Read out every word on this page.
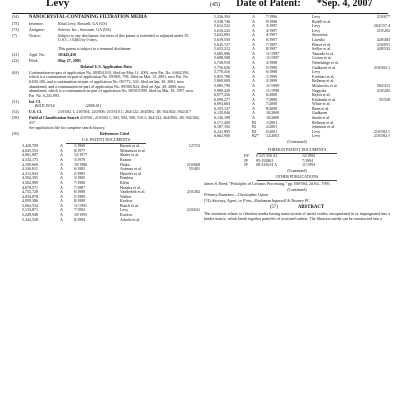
Levy	(45) Date of Patent: *Sep. 4, 2007
(54)	NANOCRYSTAL-CONTAINING FILTRATION MEDIA
(75)	Inventor:	Ehud Levy, Roswell, GA (US)
(73)	Assignee:	Selecto, Inc., Suwanee, GA (US)
(*)	Notice:	Subject to any disclaimer, the term of this patent is extended or adjusted under 35 U.S.C. 154(b) by 0 days.

This patent is subject to a terminal disclaimer.
(21)	Appl. No.:	10/445,410
(22)	Filed:	May 27, 2003
Related U.S. Application Data
(63)	Continuation-in-part of application No. 09/854,010, filed on May 11, 2001, now Pat. No. 6,662,956, which is a continuation-in-part of application No. 09/805, 758, filed on Mar. 13, 2001, now Pat. No. 6,630,106, and a continuation-in-part of application No. 09/772, 542, filed on Jan. 30, 2001, now abandoned, and a continuation-in-part of application No. 09/560,824, filed on Apr. 28, 2000, now abandoned, which is a continuation-in-part of application No. 08/819,999, filed on Mar. 18, 1997, now Pat. No. 6,241,893.
(51)	Int. Cl.
B01D 39/14	(2006.01)
(52)	U.S. Cl.	210/502.1; 210/504; 210/506; 210/510.1; 264/122; 264/DIG. 48; 502/402; 502/417
(58)	Field of Classification Search 210/501, 210/502.1, 503, 504, 506, 510.1; 264/122, 264/DIG. 48; 502/402, 417
See application file for complete search history.
(56)	References Cited
U.S. PATENT DOCUMENTS
3,420,709	A	1/1969	Barrett et al.	127/53
4,045,553	A	8/1977	Mitsumori et al.
4,061,807	A	12/1977	Shaler et al.
4,144,173	A	3/1979	Krause
4,109,669	A	10/1980	Hajko	210/668
4,336,811	A	6/1982	Aomaru et al.	55/401
4,313,833	A	2/1985	Hertzler et al.
4,504,395	A	3/1985	Pomboa
4,562,989	A	7/1986	Klein
4,678,571	A	7/1987	Hosaka et al.
4,753,728	A	6/1988	Vanderbilt et al.	210/282
4,834,878	A	5/1989	Walker
4,859,386	A	8/1989	Koslow
5,064,534	A	11/1991	Busch et al.
5,133,871	A	7/1992	Levy	210/631
5,249,948	A	10/1993	Koslow
5,342,528	A	8/1994	Adachi et al.
5,536,394	A	7/1996	Levy	210/677
5,538,746	A	9/1996	Rydell et al.
5,612,522	A	3/1997	Levy	204/157.4
5,616,243	A	4/1997	Levy	210/202
5,622,892	A	4/1997	Sinyerton
5,639,550	A	6/1997	Lisenko	428/404
5,645,727	A	7/1997	Bhave et al.	210/651
5,653,212	A	8/1997	Sellier et al.	428/532
5,685,986	A	11/1997	Yamada et al.
5,688,588	A	11/1997	Cotton et al.
5,730,918	A	3/1998	Nebelsbige et al.
5,750,026	A	5/1998	Gadkaree et al.	210/502.1
5,770,416	A	6/1998	Levy
5,855,788	A	1/1999	Everhart et al.
5,869,009	A	2/1999	Bellamy et al.
5,985,790	A	11/1999	Moskovits et al.	502/415
5,989,420	A	11/1999	Nagaoka	210/282
6,077,436	A	6/2000	Rajoli et al.
6,090,277	A	7/2000	Kitahashi et al.	55/528
6,093,664	A	7/2000	White et al.
6,103,127	A	8/2000	Benn et al.
6,129,846	A	10/2000	Gadkaree
6,136,189	A	10/2000	Smith et al.
6,171,400	B1	1/2001	Bellamy et al.
6,187,192	B1	2/2001	Johnston et al.
6,241,893	B1	6/2001	Levy	210/502.1
6,662,956	B2*	12/2003	Levy	210/502.1
(Continued)
FOREIGN PATENT DOCUMENTS
EP	0 515 556 A1	12/1992
JP	05-192861	7/1994
JP	08-315614 A	11/1994
(Continued)
OTHER PUBLICATIONS
James S. Reed, "Principles of Ceramic Processing," pp. 500-504, 2d Ed., 1995.
(Continued)
Primary Examiner—Christopher Upton
(74) Attorney, Agent, or Firm—Buchanan Ingersoll & Rooney PC
(57)	ABSTRACT
The invention relates to filtration media having nanocrystals of metal oxides, encapsulated in or impregnated into a binder matrix, which binds together particles of activated carbon. The filtration media can be constructed into a
